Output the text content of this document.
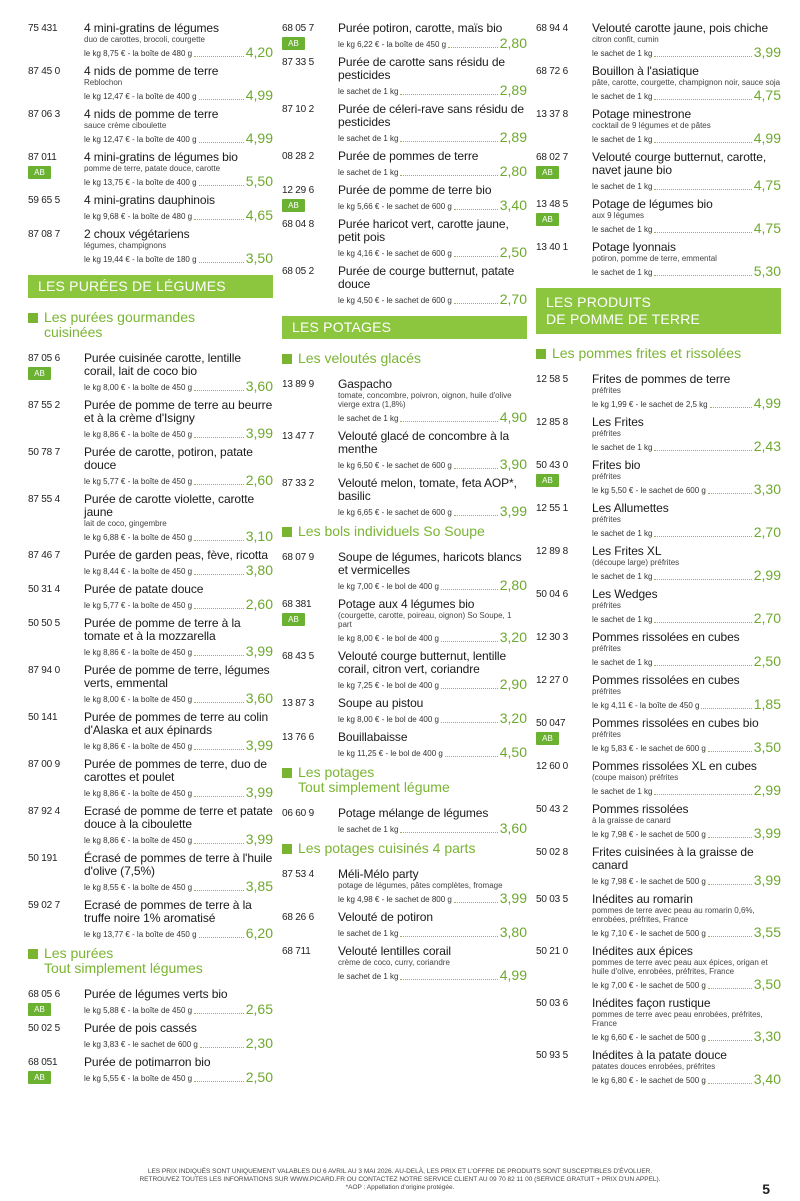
75 431	4 mini-gratins de légumes
duo de carottes, brocoli, courgette
le kg 8,75 € - la boîte de 480 g	4,20
87 45 0	4 nids de pomme de terre
Reblochon
le kg 12,47 € - la boîte de 400 g	4,99
87 06 3	4 nids de pomme de terre
sauce crème ciboulette
le kg 12,47 € - la boîte de 400 g	4,99
87 011
AB
4 mini-gratins de légumes bio
pomme de terre, patate douce, carotte
le kg 13,75 € - la boîte de 400 g	5,50
59 65 5	4 mini-gratins dauphinois
le kg 9,68 € - la boîte de 480 g	4,65
87 08 7	2 choux végétariens
légumes, champignons
le kg 19,44 € - la boîte de 180 g	3,50
LES PURÉES DE LÉGUMES
Les purées gourmandes
cuisinées
87 05 6
AB
Purée cuisinée carotte, lentille corail, lait de coco bio
le kg 8,00 € - la boîte de 450 g	3,60
87 55 2	Purée de pomme de terre au beurre et à la crème d'Isigny
le kg 8,86 € - la boîte de 450 g	3,99
50 78 7	Purée de carotte, potiron, patate douce
le kg 5,77 € - la boîte de 450 g	2,60
87 55 4	Purée de carotte violette, carotte jaune
lait de coco, gingembre
le kg 6,88 € - la boîte de 450 g	3,10
87 46 7	Purée de garden peas, fève, ricotta
le kg 8,44 € - la boîte de 450 g	3,80
50 31 4	Purée de patate douce
le kg 5,77 € - la boîte de 450 g	2,60
50 50 5	Purée de pomme de terre à la tomate et à la mozzarella
le kg 8,86 € - la boîte de 450 g	3,99
87 94 0	Purée de pomme de terre, légumes verts, emmental
le kg 8,00 € - la boîte de 450 g	3,60
50 141	Purée de pommes de terre au colin d'Alaska et aux épinards
le kg 8,86 € - la boîte de 450 g	3,99
87 00 9	Purée de pommes de terre, duo de carottes et poulet
le kg 8,86 € - la boîte de 450 g	3,99
87 92 4	Ecrasé de pomme de terre et patate douce à la ciboulette
le kg 8,86 € - la boîte de 450 g	3,99
50 191	Écrasé de pommes de terre à l'huile d'olive (7,5%)
le kg 8,55 € - la boîte de 450 g	3,85
59 02 7	Ecrasé de pommes de terre à la truffe noire 1% aromatisé
le kg 13,77 € - la boîte de 450 g	6,20
Les purées
Tout simplement légumes
68 05 6
AB
Purée de légumes verts bio
le kg 5,88 € - la boîte de 450 g	2,65
50 02 5	Purée de pois cassés
le kg 3,83 € - le sachet de 600 g	2,30
68 051
AB
Purée de potimarron bio
le kg 5,55 € - la boîte de 450 g	2,50
68 05 7
AB
Purée potiron, carotte, maïs bio
le kg 6,22 € - la boîte de 450 g	2,80
87 33 5	Purée de carotte sans résidu de pesticides
le sachet de 1 kg	2,89
87 10 2	Purée de céleri-rave sans résidu de pesticides
le sachet de 1 kg	2,89
08 28 2	Purée de pommes de terre
le sachet de 1 kg	2,80
12 29 6
AB
Purée de pomme de terre bio
le kg 5,66 € - le sachet de 600 g	3,40
68 04 8	Purée haricot vert, carotte jaune, petit pois
le kg 4,16 € - le sachet de 600 g	2,50
68 05 2	Purée de courge butternut, patate douce
le kg 4,50 € - le sachet de 600 g	2,70
LES POTAGES
Les veloutés glacés
13 89 9	Gaspacho
tomate, concombre, poivron, oignon, huile d'olive vierge extra (1,8%)
le sachet de 1 kg	4,90
13 47 7	Velouté glacé de concombre à la menthe
le kg 6,50 € - le sachet de 600 g	3,90
87 33 2	Velouté melon, tomate, feta AOP*, basilic
le kg 6,65 € - le sachet de 600 g	3,99
Les bols individuels So Soupe
68 07 9	Soupe de légumes, haricots blancs et vermicelles
le kg 7,00 € - le bol de 400 g	2,80
68 381
AB
Potage aux 4 légumes bio
(courgette, carotte, poireau, oignon) So Soupe, 1 part
le kg 8,00 € - le bol de 400 g	3,20
68 43 5	Velouté courge butternut, lentille corail, citron vert, coriandre
le kg 7,25 € - le bol de 400 g	2,90
13 87 3	Soupe au pistou
le kg 8,00 € - le bol de 400 g	3,20
13 76 6	Bouillabaisse
le kg 11,25 € - le bol de 400 g	4,50
Les potages
Tout simplement légume
06 60 9	Potage mélange de légumes
le sachet de 1 kg	3,60
Les potages cuisinés 4 parts
87 53 4	Méli-Mélo party
potage de légumes, pâtes complètes, fromage
le kg 4,98 € - le sachet de 800 g	3,99
68 26 6	Velouté de potiron
le sachet de 1 kg	3,80
68 711	Velouté lentilles corail
crème de coco, curry, coriandre
le sachet de 1 kg	4,99
68 94 4	Velouté carotte jaune, pois chiche
citron confit, cumin
le sachet de 1 kg	3,99
68 72 6	Bouillon à l'asiatique
pâte, carotte, courgette, champignon noir, sauce soja
le sachet de 1 kg	4,75
13 37 8	Potage minestrone
cocktail de 9 légumes et de pâtes
le sachet de 1 kg	4,99
68 02 7
AB
Velouté courge butternut, carotte, navet jaune bio
le sachet de 1 kg	4,75
13 48 5
AB
Potage de légumes bio
aux 9 légumes
le sachet de 1 kg	4,75
13 40 1	Potage lyonnais
potiron, pomme de terre, emmental
le sachet de 1 kg	5,30
LES PRODUITS
DE POMME DE TERRE
Les pommes frites et rissolées
12 58 5	Frites de pommes de terre
préfrites
le kg 1,99 € - le sachet de 2,5 kg	4,99
12 85 8	Les Frites
préfrites
le sachet de 1 kg	2,43
50 43 0
AB
Frites bio
préfrites
le kg 5,50 € - le sachet de 600 g	3,30
12 55 1	Les Allumettes
préfrites
le sachet de 1 kg	2,70
12 89 8	Les Frites XL
(découpe large) préfrites
le sachet de 1 kg	2,99
50 04 6	Les Wedges
préfrites
le sachet de 1 kg	2,70
12 30 3	Pommes rissolées en cubes
préfrites
le sachet de 1 kg	2,50
12 27 0	Pommes rissolées en cubes
préfrites
le kg 4,11 € - la boîte de 450 g	1,85
50 047
AB
Pommes rissolées en cubes bio
préfrites
le kg 5,83 € - le sachet de 600 g	3,50
12 60 0	Pommes rissolées XL en cubes
(coupe maison) préfrites
le sachet de 1 kg	2,99
50 43 2	Pommes rissolées
à la graisse de canard
le kg 7,98 € - le sachet de 500 g	3,99
50 02 8	Frites cuisinées à la graisse de canard
le kg 7,98 € - le sachet de 500 g	3,99
50 03 5	Inédites au romarin
pommes de terre avec peau au romarin 0,6%, enrobées, préfrites, France
le kg 7,10 € - le sachet de 500 g	3,55
50 21 0	Inédites aux épices
pommes de terre avec peau aux épices, origan et huile d'olive, enrobées, préfrites, France
le kg 7,00 € - le sachet de 500 g	3,50
50 03 6	Inédites façon rustique
pommes de terre avec peau enrobées, préfrites, France
le kg 6,60 € - le sachet de 500 g	3,30
50 93 5	Inédites à la patate douce
patates douces enrobées, préfrites
le kg 6,80 € - le sachet de 500 g	3,40
LES PRIX INDIQUÉS SONT UNIQUEMENT VALABLES DU 6 AVRIL AU 3 MAI 2026. AU-DELÀ, LES PRIX ET L'OFFRE DE PRODUITS SONT SUSCEPTIBLES D'ÉVOLUER.
RETROUVEZ TOUTES LES INFORMATIONS SUR WWW.PICARD.FR OU CONTACTEZ NOTRE SERVICE CLIENT AU 09 70 82 11 00 (SERVICE GRATUIT + PRIX D'UN APPEL).
*AOP : Appellation d'origine protégée.	5
